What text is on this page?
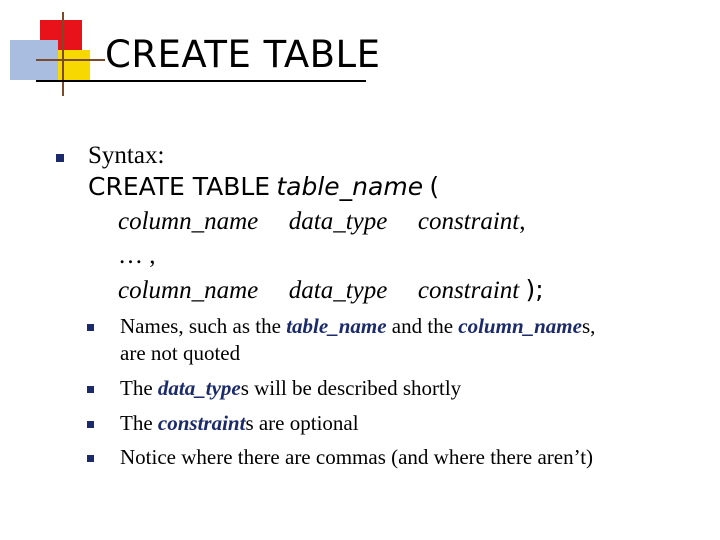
CREATE TABLE
Syntax:
CREATE TABLE table_name (
column_name data_type constraint,
… ,
column_name data_type constraint );
Names, such as the table_name and the column_names,
are not quoted
The data_types will be described shortly
The constraints are optional
Notice where there are commas (and where there aren’t)
